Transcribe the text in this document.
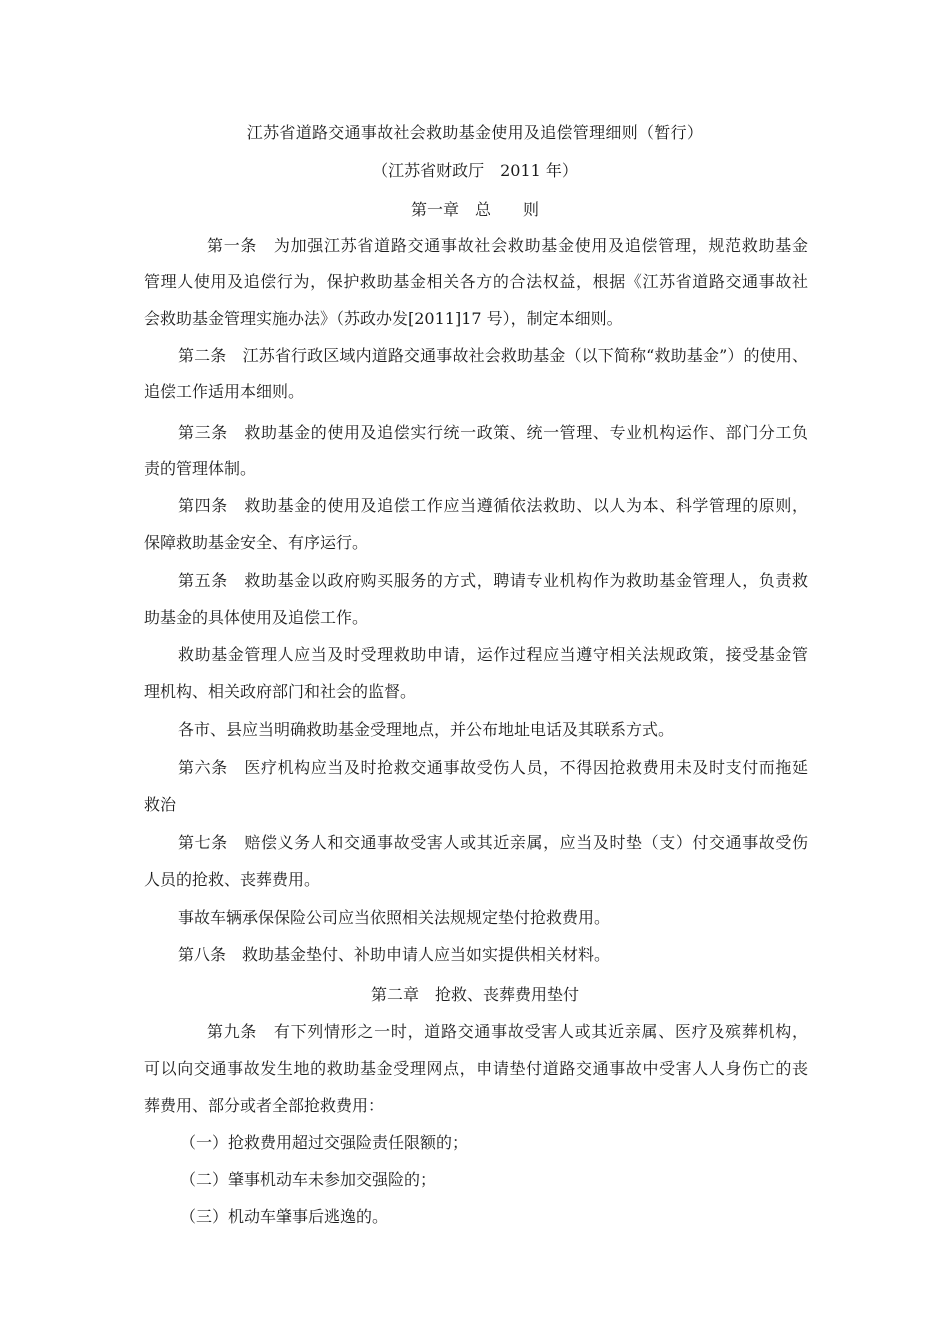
江苏省道路交通事故社会救助基金使用及追偿管理细则（暂行）
（江苏省财政厅　2011 年）
第一章　总　　则
第一条　为加强江苏省道路交通事故社会救助基金使用及追偿管理，规范救助基金
管理人使用及追偿行为，保护救助基金相关各方的合法权益，根据《江苏省道路交通事故社
会救助基金管理实施办法》（苏政办发[2011]17 号），制定本细则。
第二条　江苏省行政区域内道路交通事故社会救助基金（以下简称“救助基金”）的使用、
追偿工作适用本细则。
第三条　救助基金的使用及追偿实行统一政策、统一管理、专业机构运作、部门分工负
责的管理体制。
第四条　救助基金的使用及追偿工作应当遵循依法救助、以人为本、科学管理的原则，
保障救助基金安全、有序运行。
第五条　救助基金以政府购买服务的方式，聘请专业机构作为救助基金管理人，负责救
助基金的具体使用及追偿工作。
救助基金管理人应当及时受理救助申请，运作过程应当遵守相关法规政策，接受基金管
理机构、相关政府部门和社会的监督。
各市、县应当明确救助基金受理地点，并公布地址电话及其联系方式。
第六条　医疗机构应当及时抢救交通事故受伤人员，不得因抢救费用未及时支付而拖延
救治
第七条　赔偿义务人和交通事故受害人或其近亲属，应当及时垫（支）付交通事故受伤
人员的抢救、丧葬费用。
事故车辆承保保险公司应当依照相关法规规定垫付抢救费用。
第八条　救助基金垫付、补助申请人应当如实提供相关材料。
第二章　抢救、丧葬费用垫付
第九条　有下列情形之一时，道路交通事故受害人或其近亲属、医疗及殡葬机构，
可以向交通事故发生地的救助基金受理网点，申请垫付道路交通事故中受害人人身伤亡的丧
葬费用、部分或者全部抢救费用：
（一）抢救费用超过交强险责任限额的；
（二）肇事机动车未参加交强险的；
（三）机动车肇事后逃逸的。
